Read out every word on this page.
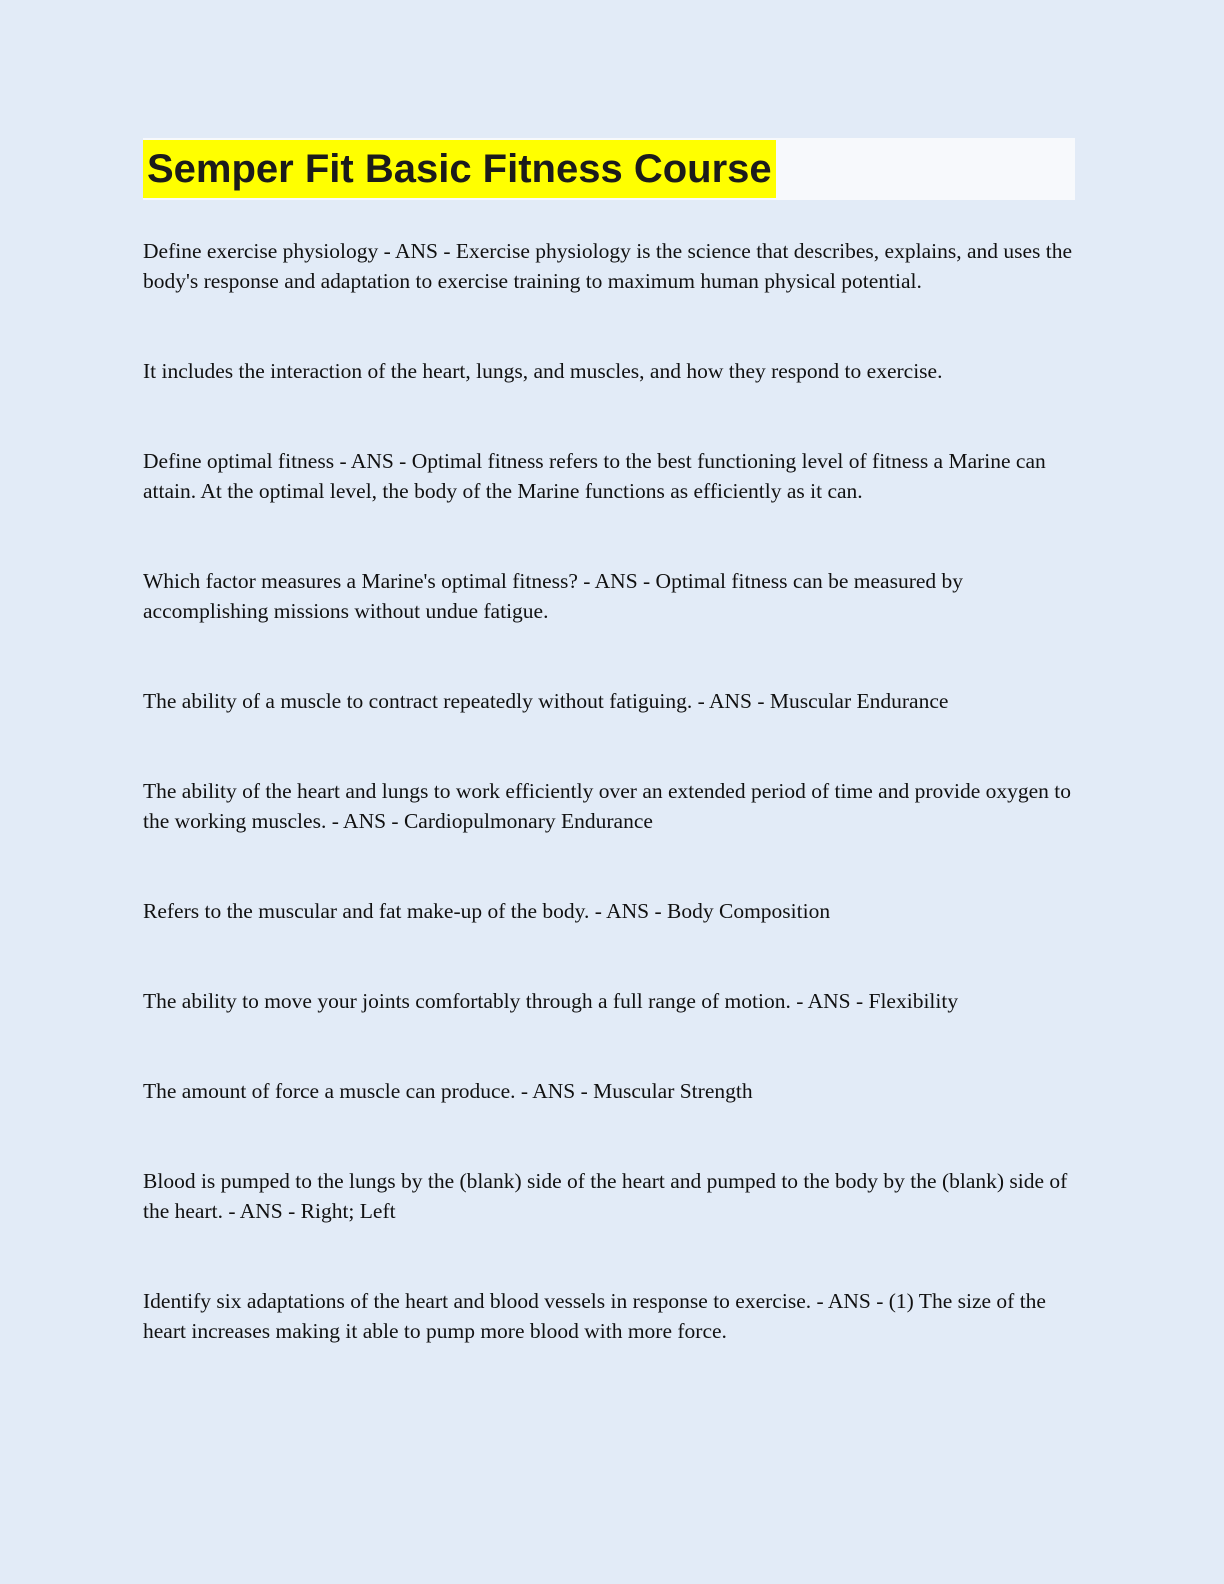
Semper Fit Basic Fitness Course

Define exercise physiology - ANS - Exercise physiology is the science that describes, explains, and uses the body's response and adaptation to exercise training to maximum human physical potential.

It includes the interaction of the heart, lungs, and muscles, and how they respond to exercise.

Define optimal fitness - ANS - Optimal fitness refers to the best functioning level of fitness a Marine can attain. At the optimal level, the body of the Marine functions as efficiently as it can.

Which factor measures a Marine's optimal fitness? - ANS - Optimal fitness can be measured by accomplishing missions without undue fatigue.

The ability of a muscle to contract repeatedly without fatiguing. - ANS - Muscular Endurance

The ability of the heart and lungs to work efficiently over an extended period of time and provide oxygen to the working muscles. - ANS - Cardiopulmonary Endurance

Refers to the muscular and fat make-up of the body. - ANS - Body Composition

The ability to move your joints comfortably through a full range of motion. - ANS - Flexibility

The amount of force a muscle can produce. - ANS - Muscular Strength

Blood is pumped to the lungs by the (blank) side of the heart and pumped to the body by the (blank) side of the heart. - ANS - Right; Left

Identify six adaptations of the heart and blood vessels in response to exercise. - ANS - (1) The size of the heart increases making it able to pump more blood with more force.
